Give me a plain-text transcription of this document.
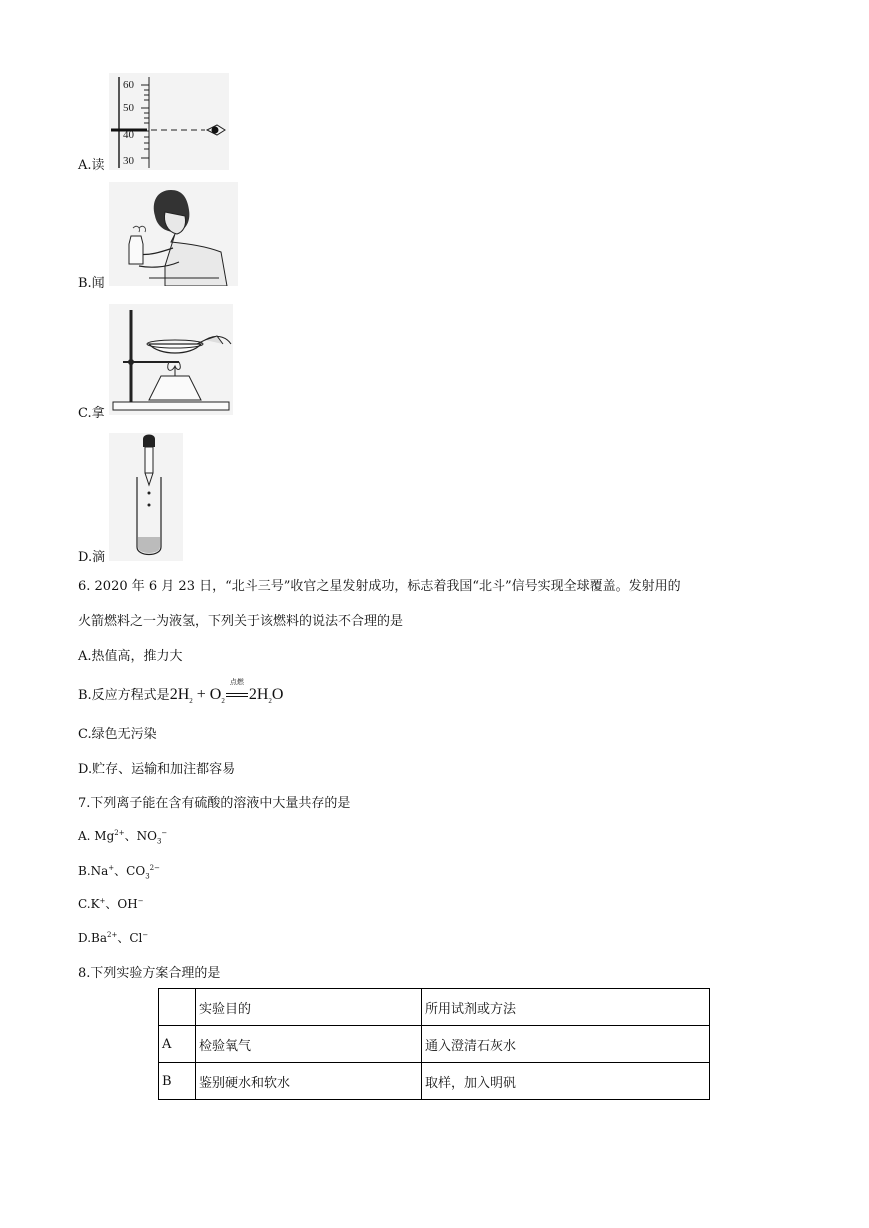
60
50
40
30
A.读
B.闻
C.拿
D.滴
6. 2020 年 6 月 23 日，“北斗三号”收官之星发射成功，标志着我国“北斗”信号实现全球覆盖。发射用的
火箭燃料之一为液氢，下列关于该燃料的说法不合理的是
A.热值高，推力大
B.反应方程式是$2H_2 + O_2$
点燃
$2H_2O$
C.绿色无污染
D.贮存、运输和加注都容易
7.下列离子能在含有硫酸的溶液中大量共存的是
A. $Mg^{2+}$、$NO_3^-$
B.Na+、$CO_3^{2-}$
C.K+、OH−
$D.Ba^{2+}$、Cl−
8.下列实验方案合理的是
	实验目的	所用试剂或方法
A	检验氧气	通入澄清石灰水
B	鉴别硬水和软水	取样，加入明矾
